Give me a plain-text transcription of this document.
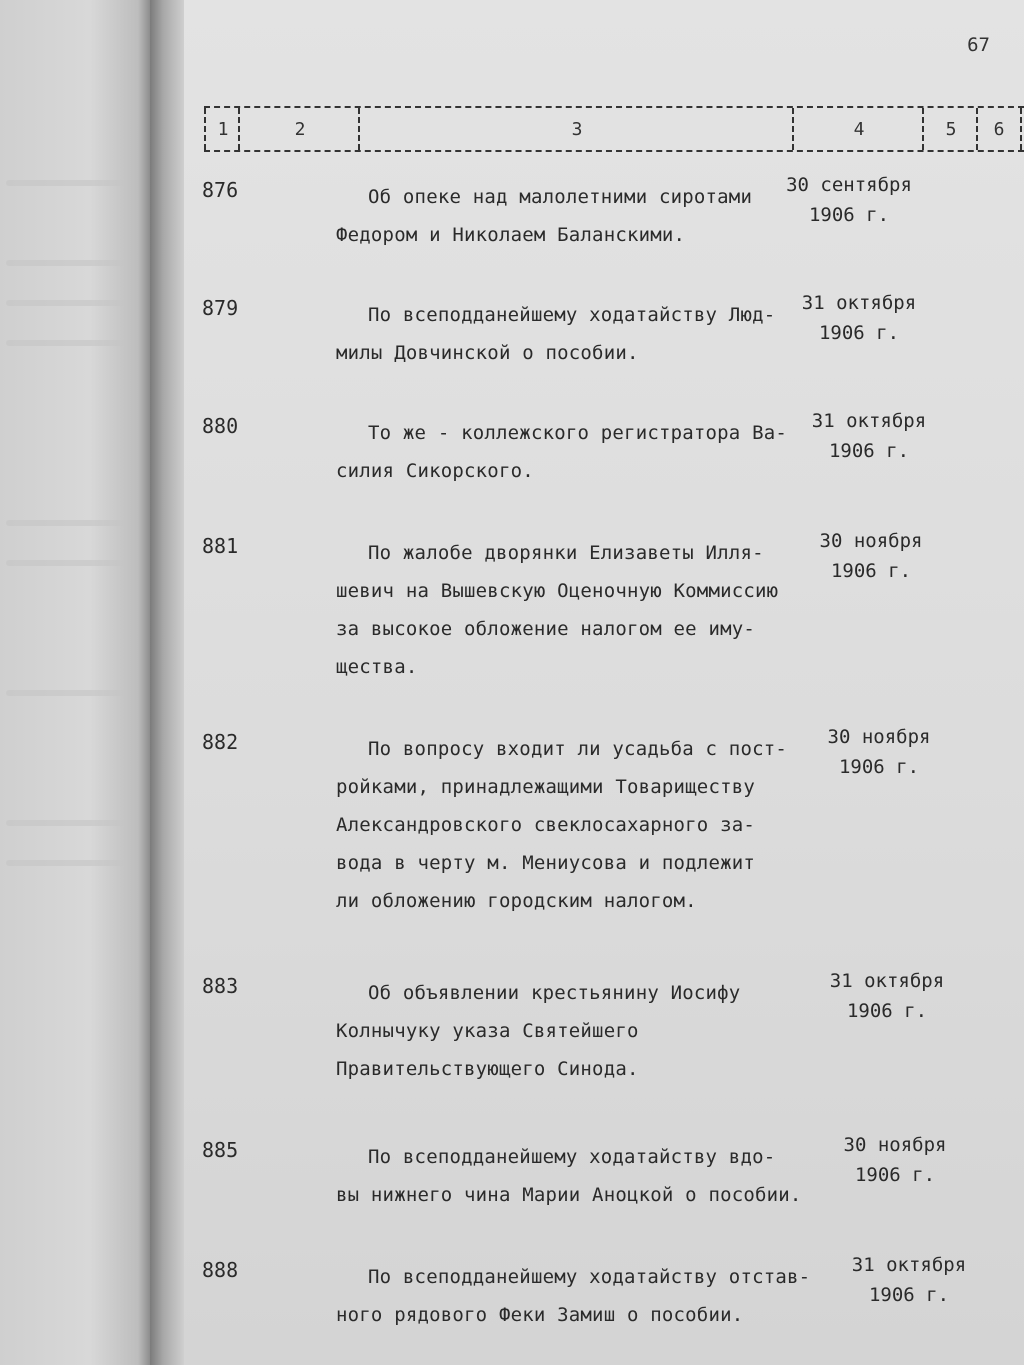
67
1	2	3	4	5	6
876	Об опеке над малолетними сиротами
Федором и Николаем Баланскими.
30 сентября
1906 г.
879	По всеподданейшему ходатайству Люд-
милы Довчинской о пособии.
31 октября
1906 г.
880	То же - коллежского регистратора Ва-
силия Сикорского.
31 октября
1906 г.
881	По жалобе дворянки Елизаветы Илля-
шевич на Вышевскую Оценочную Коммиссию
за высокое обложение налогом ее иму-
щества.
30 ноября
1906 г.
882	По вопросу входит ли усадьба с пост-
ройками, принадлежащими Товариществу
Александровского свеклосахарного за-
вода в черту м. Мениусова и подлежит
ли обложению городским налогом.
30 ноября
1906 г.
883	Об объявлении крестьянину Иосифу Колнычуку указа Святейшего
Правительствующего Синода.
31 октября
1906 г.
885	По всеподданейшему ходатайству вдо-
вы нижнего чина Марии Аноцкой о пособии.
30 ноября
1906 г.
888	По всеподданейшему ходатайству отстав-
ного рядового Феки Замиш о пособии.
31 октября
1906 г.
